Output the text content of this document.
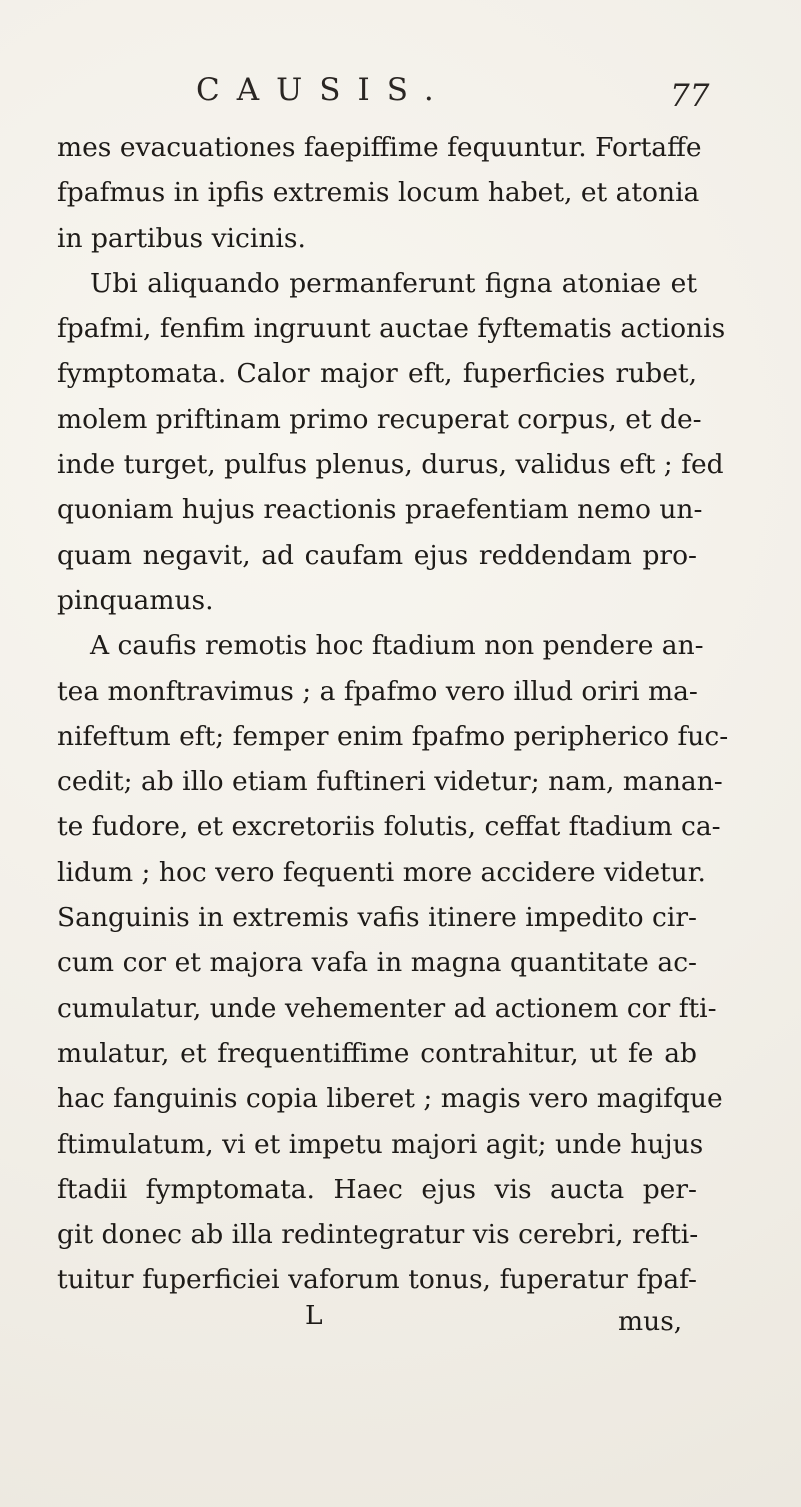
CAUSIS.	77
mes evacuationes faepiffime fequuntur. Fortaffe
fpafmus in ipfis extremis locum habet, et atonia
in partibus vicinis.
Ubi aliquando permanferunt figna atoniae et
fpafmi, fenfim ingruunt auctae fyftematis actionis
fymptomata. Calor major eft, fuperficies rubet,
molem priftinam primo recuperat corpus, et de-
inde turget, pulfus plenus, durus, validus eft ; fed
quoniam hujus reactionis praefentiam nemo un-
quam negavit, ad caufam ejus reddendam pro-
pinquamus.
A caufis remotis hoc ftadium non pendere an-
tea monftravimus ; a fpafmo vero illud oriri ma-
nifeftum eft; femper enim fpafmo peripherico fuc-
cedit; ab illo etiam fuftineri videtur; nam, manan-
te fudore, et excretoriis folutis, ceffat ftadium ca-
lidum ; hoc vero fequenti more accidere videtur.
Sanguinis in extremis vafis itinere impedito cir-
cum cor et majora vafa in magna quantitate ac-
cumulatur, unde vehementer ad actionem cor fti-
mulatur, et frequentiffime contrahitur, ut fe ab
hac fanguinis copia liberet ; magis vero magifque
ftimulatum, vi et impetu majori agit; unde hujus
ftadii fymptomata. Haec ejus vis aucta per-
git donec ab illa redintegratur vis cerebri, refti-
tuitur fuperficiei vaforum tonus, fuperatur fpaf-
L	mus,
